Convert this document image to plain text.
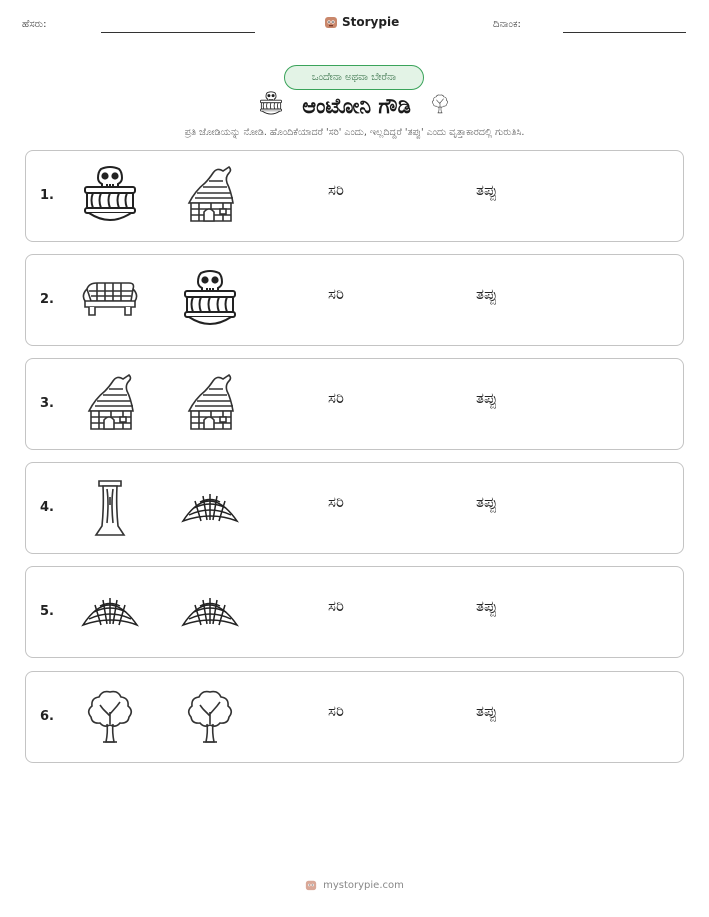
ಹೆಸರು:	Storypie	ದಿನಾಂಕ:
ಒಂದೇನಾ ಅಥವಾ ಬೇರೆನಾ
ಆಂಟೋನಿ ಗೌಡಿ
ಪ್ರತಿ ಜೋಡಿಯನ್ನು ನೋಡಿ. ಹೊಂದಿಕೆಯಾದರೆ 'ಸರಿ' ಎಂದು, ಇಲ್ಲದಿದ್ದರೆ 'ತಪ್ಪು' ಎಂದು ವೃತ್ತಾಕಾರದಲ್ಲಿ ಗುರುತಿಸಿ.
1.	ಸರಿ	ತಪ್ಪು
2.	ಸರಿ	ತಪ್ಪು
3.	ಸರಿ	ತಪ್ಪು
4.	ಸರಿ	ತಪ್ಪು
5.	ಸರಿ	ತಪ್ಪು
6.	ಸರಿ	ತಪ್ಪು
mystorypie.com
